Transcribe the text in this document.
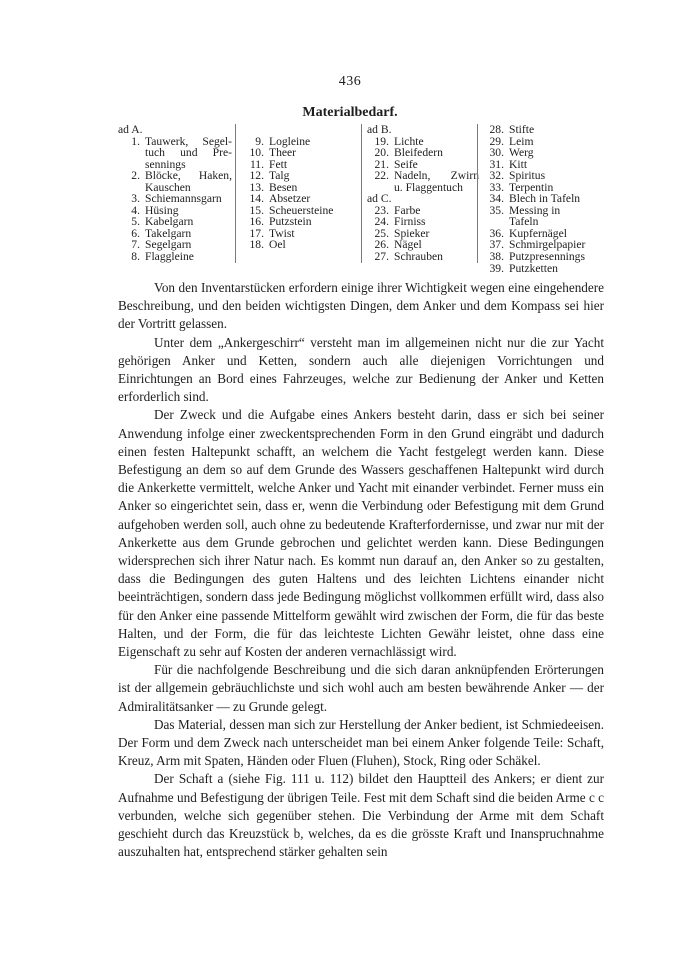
436
Materialbedarf.
ad A.
1. Tauwerk, Segel-
tuch und Pre-
sennings
2. Blöcke, Haken,
Kauschen
3. Schiemannsgarn
4. Hüsing
5. Kabelgarn
6. Takelgarn
7. Segelgarn
8. Flaggleine

9. Logleine
10. Theer
11. Fett
12. Talg
13. Besen
14. Absetzer
15. Scheuersteine
16. Putzstein
17. Twist
18. Oel
ad B.
19. Lichte
20. Bleifedern
21. Seife
22. Nadeln, Zwirn
u. Flaggentuch
ad C.
23. Farbe
24. Firniss
25. Spieker
26. Nägel
27. Schrauben
28. Stifte
29. Leim
30. Werg
31. Kitt
32. Spiritus
33. Terpentin
34. Blech in Tafeln
35. Messing in Tafeln
36. Kupfernägel
37. Schmirgelpapier
38. Putzpresennings
39. Putzketten

Von den Inventarstücken erfordern einige ihrer Wichtigkeit wegen eine eingehendere Beschreibung, und den beiden wichtigsten Dingen, dem Anker und dem Kompass sei hier der Vortritt gelassen.

Unter dem „Ankergeschirr“ versteht man im allgemeinen nicht nur die zur Yacht gehörigen Anker und Ketten, sondern auch alle diejenigen Vorrichtungen und Einrichtungen an Bord eines Fahrzeuges, welche zur Bedienung der Anker und Ketten erforderlich sind.

Der Zweck und die Aufgabe eines Ankers besteht darin, dass er sich bei seiner Anwendung infolge einer zweckentsprechenden Form in den Grund eingräbt und dadurch einen festen Haltepunkt schafft, an welchem die Yacht festgelegt werden kann. Diese Befestigung an dem so auf dem Grunde des Wassers geschaffenen Haltepunkt wird durch die Ankerkette vermittelt, welche Anker und Yacht mit einander verbindet. Ferner muss ein Anker so eingerichtet sein, dass er, wenn die Verbindung oder Befestigung mit dem Grund aufgehoben werden soll, auch ohne zu bedeutende Krafterfordernisse, und zwar nur mit der Ankerkette aus dem Grunde gebrochen und gelichtet werden kann. Diese Bedingungen widersprechen sich ihrer Natur nach. Es kommt nun darauf an, den Anker so zu gestalten, dass die Bedingungen des guten Haltens und des leichten Lichtens einander nicht beeinträchtigen, sondern dass jede Bedingung möglichst vollkommen erfüllt wird, dass also für den Anker eine passende Mittelform gewählt wird zwischen der Form, die für das beste Halten, und der Form, die für das leichteste Lichten Gewähr leistet, ohne dass eine Eigenschaft zu sehr auf Kosten der anderen vernachlässigt wird.

Für die nachfolgende Beschreibung und die sich daran anknüpfenden Erörterungen ist der allgemein gebräuchlichste und sich wohl auch am besten bewährende Anker — der Admiralitätsanker — zu Grunde gelegt.

Das Material, dessen man sich zur Herstellung der Anker bedient, ist Schmiedeeisen. Der Form und dem Zweck nach unterscheidet man bei einem Anker folgende Teile: Schaft, Kreuz, Arm mit Spaten, Händen oder Fluen (Fluhen), Stock, Ring oder Schäkel.

Der Schaft a (siehe Fig. 111 u. 112) bildet den Hauptteil des Ankers; er dient zur Aufnahme und Befestigung der übrigen Teile. Fest mit dem Schaft sind die beiden Arme c c verbunden, welche sich gegenüber stehen. Die Verbindung der Arme mit dem Schaft geschieht durch das Kreuzstück b, welches, da es die grösste Kraft und Inanspruchnahme auszuhalten hat, entsprechend stärker gehalten sein
